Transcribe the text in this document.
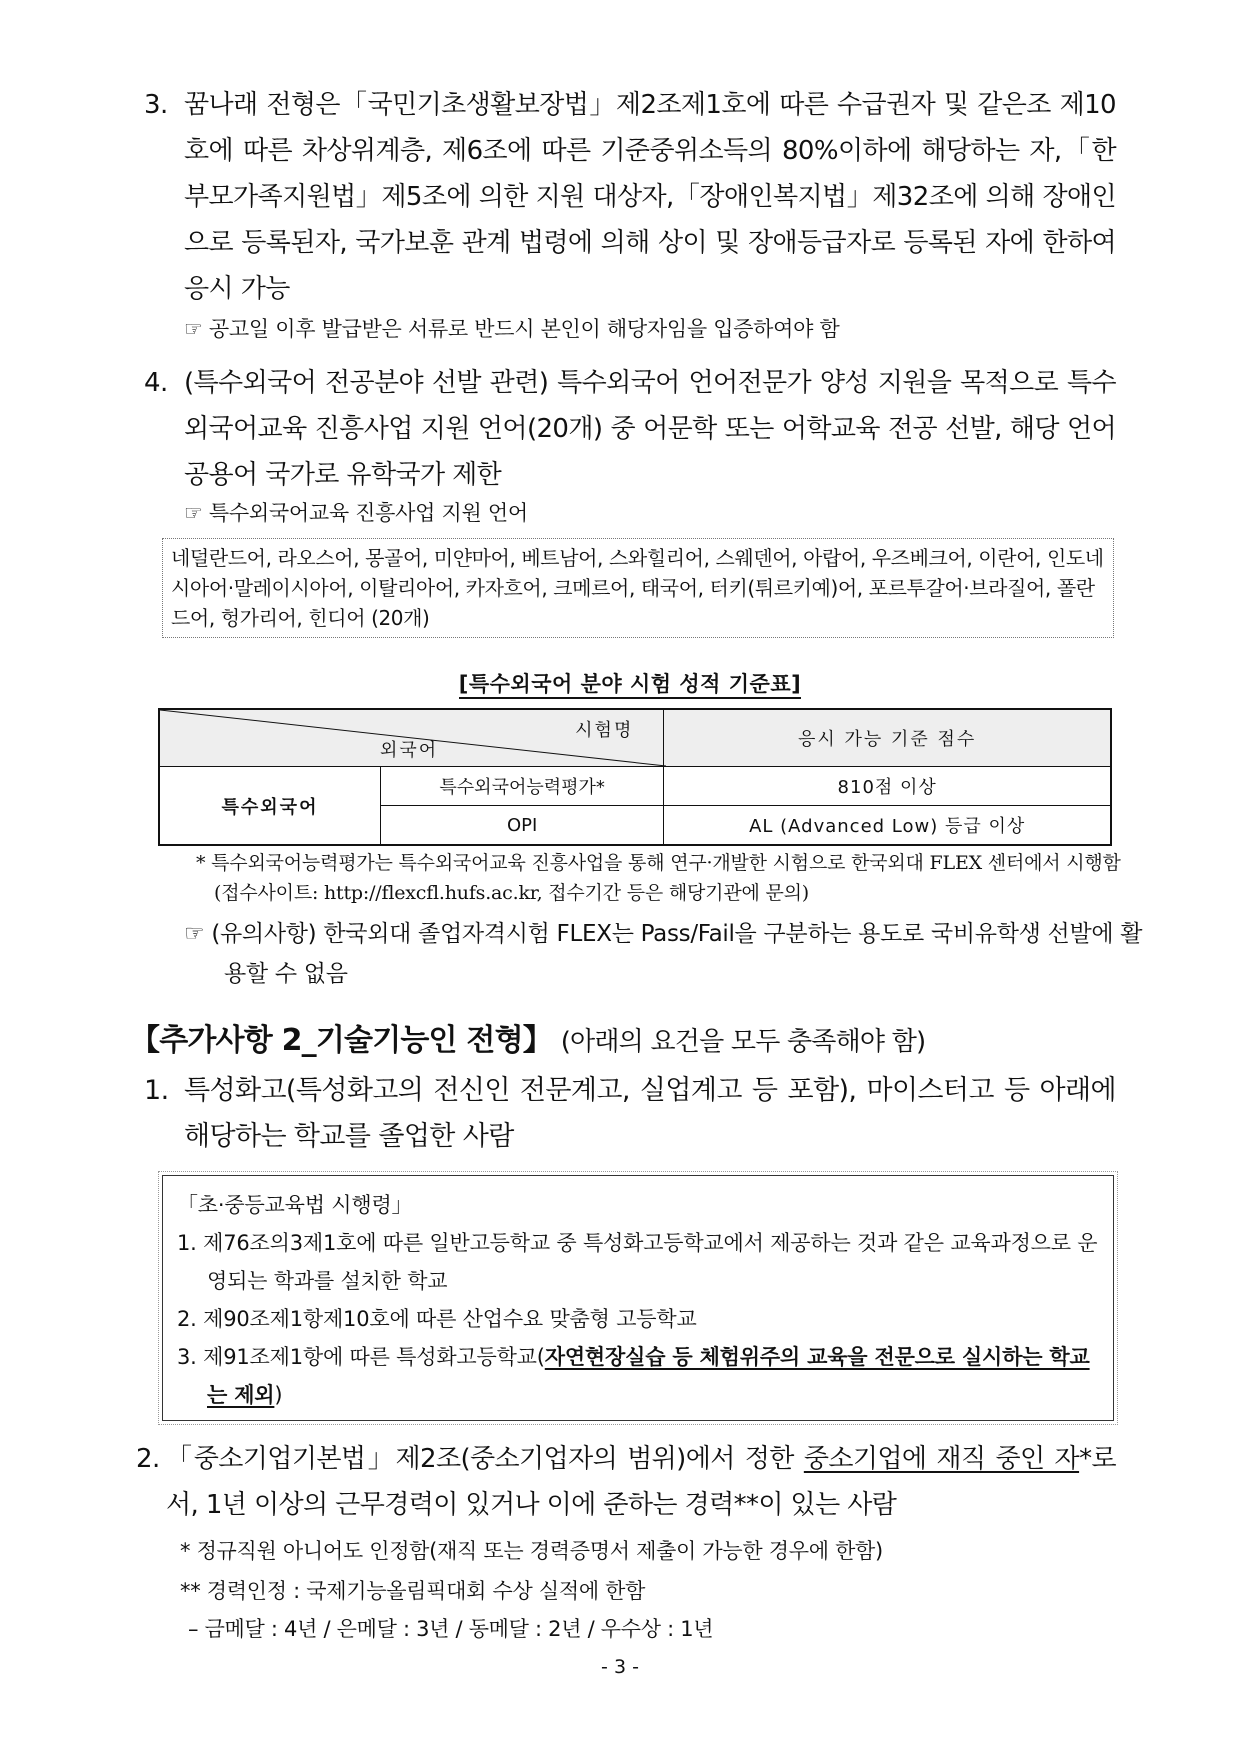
3. 꿈나래 전형은「국민기초생활보장법」제2조제1호에 따른 수급권자 및 같은조 제10호에 따른 차상위계층, 제6조에 따른 기준중위소득의 80%이하에 해당하는 자,「한부모가족지원법」제5조에 의한 지원 대상자,「장애인복지법」제32조에 의해 장애인으로 등록된자, 국가보훈 관계 법령에 의해 상이 및 장애등급자로 등록된 자에 한하여 응시 가능
☞ 공고일 이후 발급받은 서류로 반드시 본인이 해당자임을 입증하여야 함
4. (특수외국어 전공분야 선발 관련) 특수외국어 언어전문가 양성 지원을 목적으로 특수외국어교육 진흥사업 지원 언어(20개) 중 어문학 또는 어학교육 전공 선발, 해당 언어 공용어 국가로 유학국가 제한
☞ 특수외국어교육 진흥사업 지원 언어
네덜란드어, 라오스어, 몽골어, 미얀마어, 베트남어, 스와힐리어, 스웨덴어, 아랍어, 우즈베크어, 이란어, 인도네시아어·말레이시아어, 이탈리아어, 카자흐어, 크메르어, 태국어, 터키(튀르키예)어, 포르투갈어·브라질어, 폴란드어, 헝가리어, 힌디어 (20개)
[특수외국어 분야 시험 성적 기준표]
시험명
외국어		응시 가능 기준 점수
특수외국어	특수외국어능력평가*	810점 이상
	OPI	AL (Advanced Low) 등급 이상
* 특수외국어능력평가는 특수외국어교육 진흥사업을 통해 연구·개발한 시험으로 한국외대 FLEX 센터에서 시행함(접수사이트: http://flexcfl.hufs.ac.kr, 접수기간 등은 해당기관에 문의)
☞ (유의사항) 한국외대 졸업자격시험 FLEX는 Pass/Fail을 구분하는 용도로 국비유학생 선발에 활용할 수 없음
【추가사항 2_기술기능인 전형】 (아래의 요건을 모두 충족해야 함)
1. 특성화고(특성화고의 전신인 전문계고, 실업계고 등 포함), 마이스터고 등 아래에 해당하는 학교를 졸업한 사람
「초·중등교육법 시행령」
1. 제76조의3제1호에 따른 일반고등학교 중 특성화고등학교에서 제공하는 것과 같은 교육과정으로 운영되는 학과를 설치한 학교
2. 제90조제1항제10호에 따른 산업수요 맞춤형 고등학교
3. 제91조제1항에 따른 특성화고등학교(자연현장실습 등 체험위주의 교육을 전문으로 실시하는 학교는 제외)
2. 「중소기업기본법」제2조(중소기업자의 범위)에서 정한 중소기업에 재직 중인 자*로서, 1년 이상의 근무경력이 있거나 이에 준하는 경력**이 있는 사람
* 정규직원 아니어도 인정함(재직 또는 경력증명서 제출이 가능한 경우에 한함)
** 경력인정 : 국제기능올림픽대회 수상 실적에 한함
– 금메달 : 4년 / 은메달 : 3년 / 동메달 : 2년 / 우수상 : 1년
- 3 -
